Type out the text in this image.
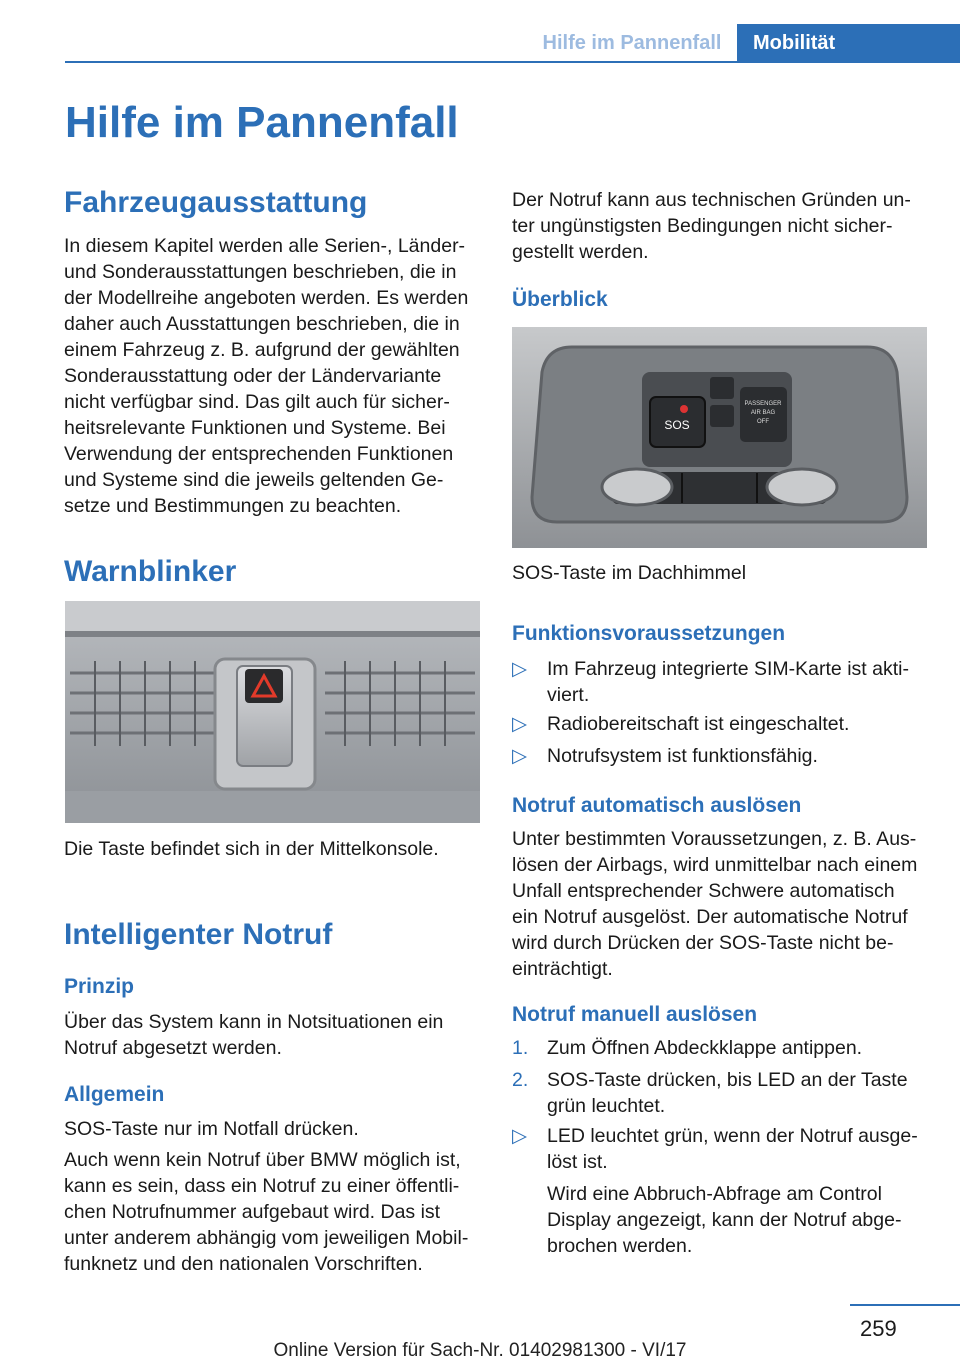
Hilfe im Pannenfall	Mobilität
Hilfe im Pannenfall
Fahrzeugausstattung
In diesem Kapitel werden alle Serien-, Länder-
und Sonderausstattungen beschrieben, die in
der Modellreihe angeboten werden. Es werden
daher auch Ausstattungen beschrieben, die in
einem Fahrzeug z. B. aufgrund der gewählten
Sonderausstattung oder der Ländervariante
nicht verfügbar sind. Das gilt auch für sicher-
heitsrelevante Funktionen und Systeme. Bei
Verwendung der entsprechenden Funktionen
und Systeme sind die jeweils geltenden Ge-
setze und Bestimmungen zu beachten.
Warnblinker
Die Taste befindet sich in der Mittelkonsole.
Intelligenter Notruf
Prinzip
Über das System kann in Notsituationen ein
Notruf abgesetzt werden.
Allgemein
SOS-Taste nur im Notfall drücken.
Auch wenn kein Notruf über BMW möglich ist,
kann es sein, dass ein Notruf zu einer öffentli-
chen Notrufnummer aufgebaut wird. Das ist
unter anderem abhängig vom jeweiligen Mobil-
funknetz und den nationalen Vorschriften.
Der Notruf kann aus technischen Gründen un-
ter ungünstigsten Bedingungen nicht sicher-
gestellt werden.
Überblick
SOS
PASSENGER
AIR BAG
OFF
SOS-Taste im Dachhimmel
Funktionsvoraussetzungen
▷ Im Fahrzeug integrierte SIM-Karte ist akti-
viert.
▷ Radiobereitschaft ist eingeschaltet.
▷ Notrufsystem ist funktionsfähig.
Notruf automatisch auslösen
Unter bestimmten Voraussetzungen, z. B. Aus-
lösen der Airbags, wird unmittelbar nach einem
Unfall entsprechender Schwere automatisch
ein Notruf ausgelöst. Der automatische Notruf
wird durch Drücken der SOS-Taste nicht be-
einträchtigt.
Notruf manuell auslösen
1. Zum Öffnen Abdeckklappe antippen.
2. SOS-Taste drücken, bis LED an der Taste
grün leuchtet.
▷ LED leuchtet grün, wenn der Notruf ausge-
löst ist.
Wird eine Abbruch-Abfrage am Control
Display angezeigt, kann der Notruf abge-
brochen werden.
259
Online Version für Sach-Nr. 01402981300 - VI/17
